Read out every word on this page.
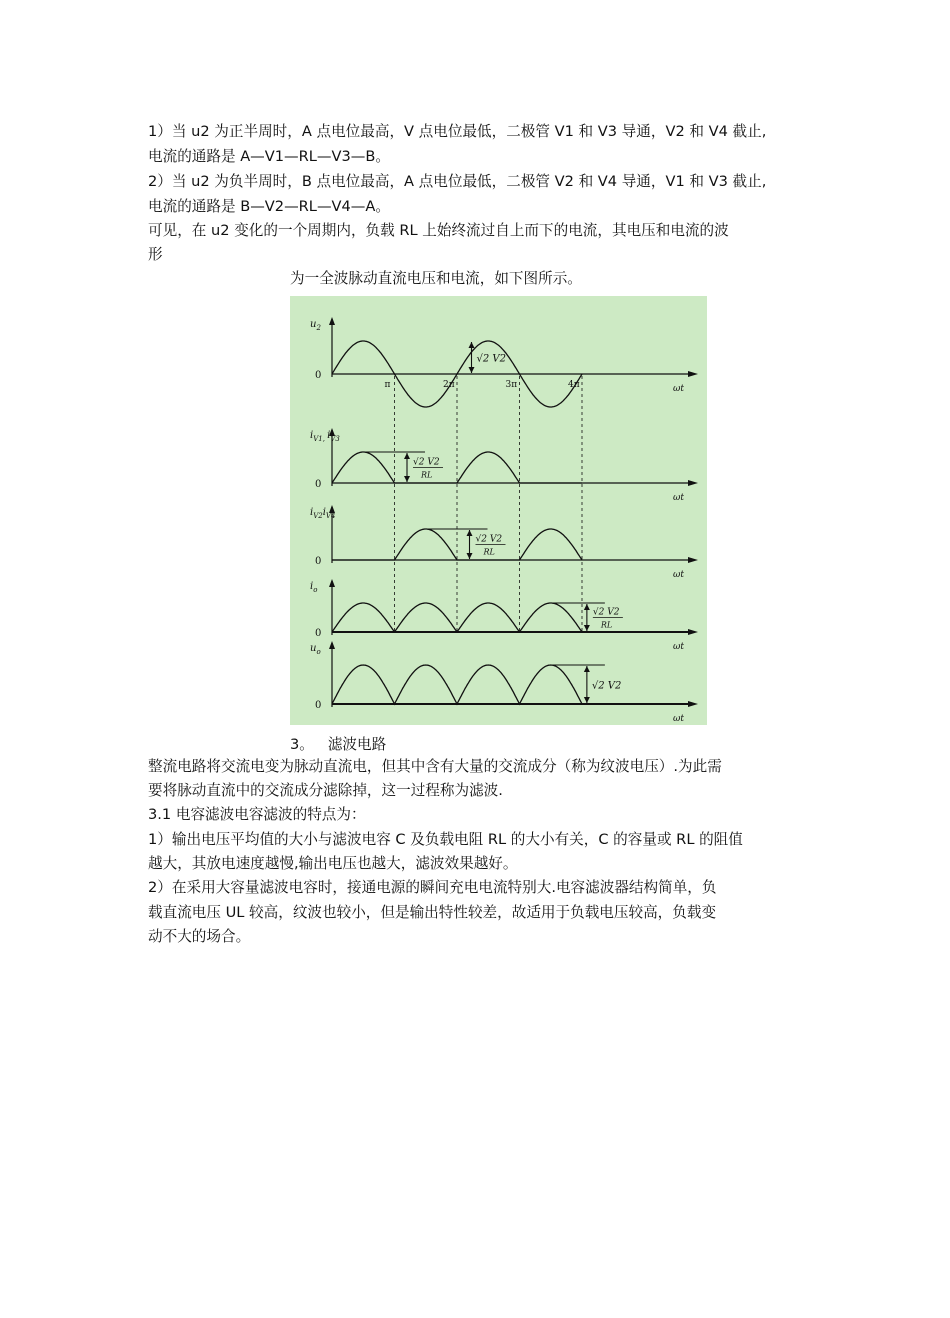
1）当 u2 为正半周时，A 点电位最高，V 点电位最低，二极管 V1 和 V3 导通，V2 和 V4 截止,

电流的通路是 A—V1—RL—V3—B。

2）当 u2 为负半周时，B 点电位最高，A 点电位最低，二极管 V2 和 V4 导通，V1 和 V3 截止,

电流的通路是 B—V2—RL—V4—A。

可见，在 u2 变化的一个周期内，负载 RL 上始终流过自上而下的电流，其电压和电流的波

形

为一全波脉动直流电压和电流，如下图所示。

0
ωt
$u_2$
√2 V2
0
ωt
$i_{V1,}$ $i_{V3}$
√2 V2
RL
0
ωt
$i_{V2}i_{V4}$
√2 V2
RL
0
ωt
$i_o$
√2 V2
RL
0
ωt
$u_o$
√2 V2
π	2π	3π	4π

3。 滤波电路

整流电路将交流电变为脉动直流电，但其中含有大量的交流成分（称为纹波电压）.为此需

要将脉动直流中的交流成分滤除掉，这一过程称为滤波.

3.1 电容滤波电容滤波的特点为：

1）输出电压平均值的大小与滤波电容 C 及负载电阻 RL 的大小有关，C 的容量或 RL 的阻值

越大，其放电速度越慢,输出电压也越大，滤波效果越好。

2）在采用大容量滤波电容时，接通电源的瞬间充电电流特别大.电容滤波器结构简单，负

载直流电压 UL 较高，纹波也较小，但是输出特性较差，故适用于负载电压较高，负载变

动不大的场合。
